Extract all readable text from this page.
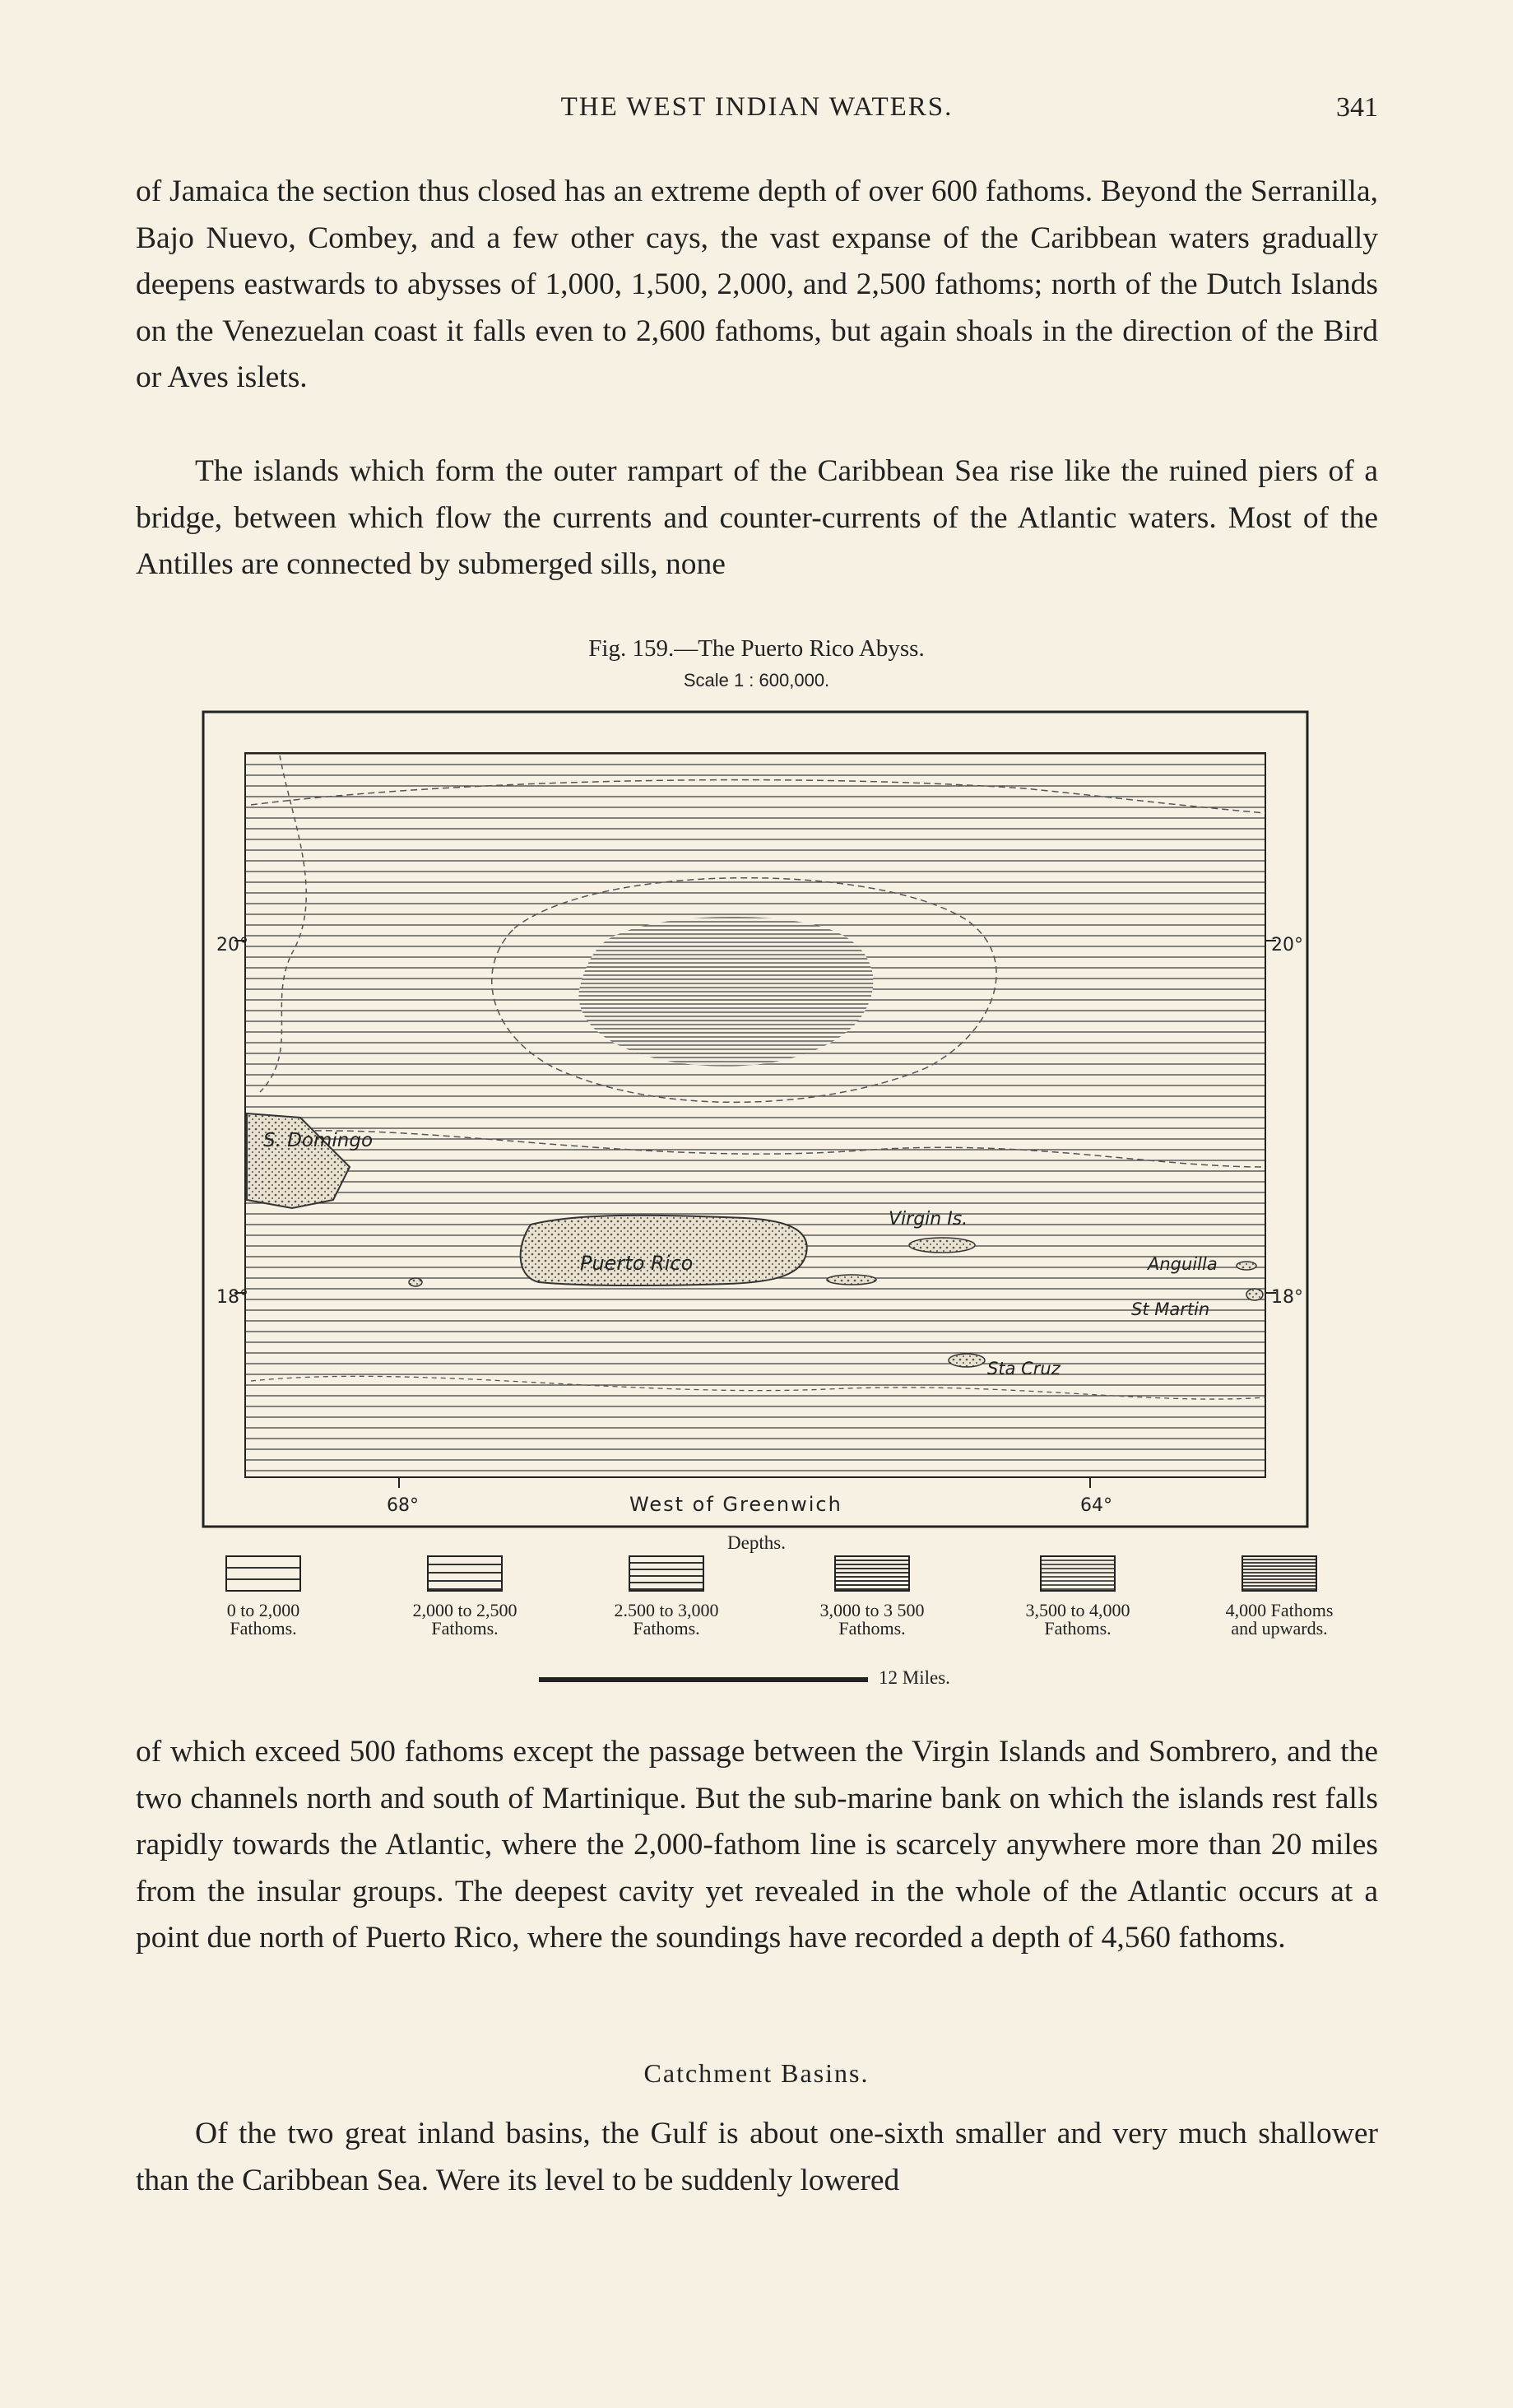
THE WEST INDIAN WATERS.	341

of Jamaica the section thus closed has an extreme depth of over 600 fathoms. Beyond the Serranilla, Bajo Nuevo, Combey, and a few other cays, the vast expanse of the Caribbean waters gradually deepens eastwards to abysses of 1,000, 1,500, 2,000, and 2,500 fathoms; north of the Dutch Islands on the Venezuelan coast it falls even to 2,600 fathoms, but again shoals in the direction of the Bird or Aves islets.

The islands which form the outer rampart of the Caribbean Sea rise like the ruined piers of a bridge, between which flow the currents and counter-currents of the Atlantic waters. Most of the Antilles are connected by submerged sills, none

Fig. 159.—The Puerto Rico Abyss.
Scale 1 : 600,000.
20°	20°
18°	18°
68°	64°
West of Greenwich
S. Domingo
Puerto Rico
Virgin Is.
Anguilla
St Martin
Sta Cruz
Depths.
0 to 2,000
Fathoms.
2,000 to 2,500
Fathoms.
2.500 to 3,000
Fathoms.
3,000 to 3 500
Fathoms.
3,500 to 4,000
Fathoms.
4,000 Fathoms
and upwards.
12 Miles.

of which exceed 500 fathoms except the passage between the Virgin Islands and Sombrero, and the two channels north and south of Martinique. But the sub-marine bank on which the islands rest falls rapidly towards the Atlantic, where the 2,000-fathom line is scarcely anywhere more than 20 miles from the insular groups. The deepest cavity yet revealed in the whole of the Atlantic occurs at a point due north of Puerto Rico, where the soundings have recorded a depth of 4,560 fathoms.

Catchment Basins.

Of the two great inland basins, the Gulf is about one-sixth smaller and very much shallower than the Caribbean Sea. Were its level to be suddenly lowered
